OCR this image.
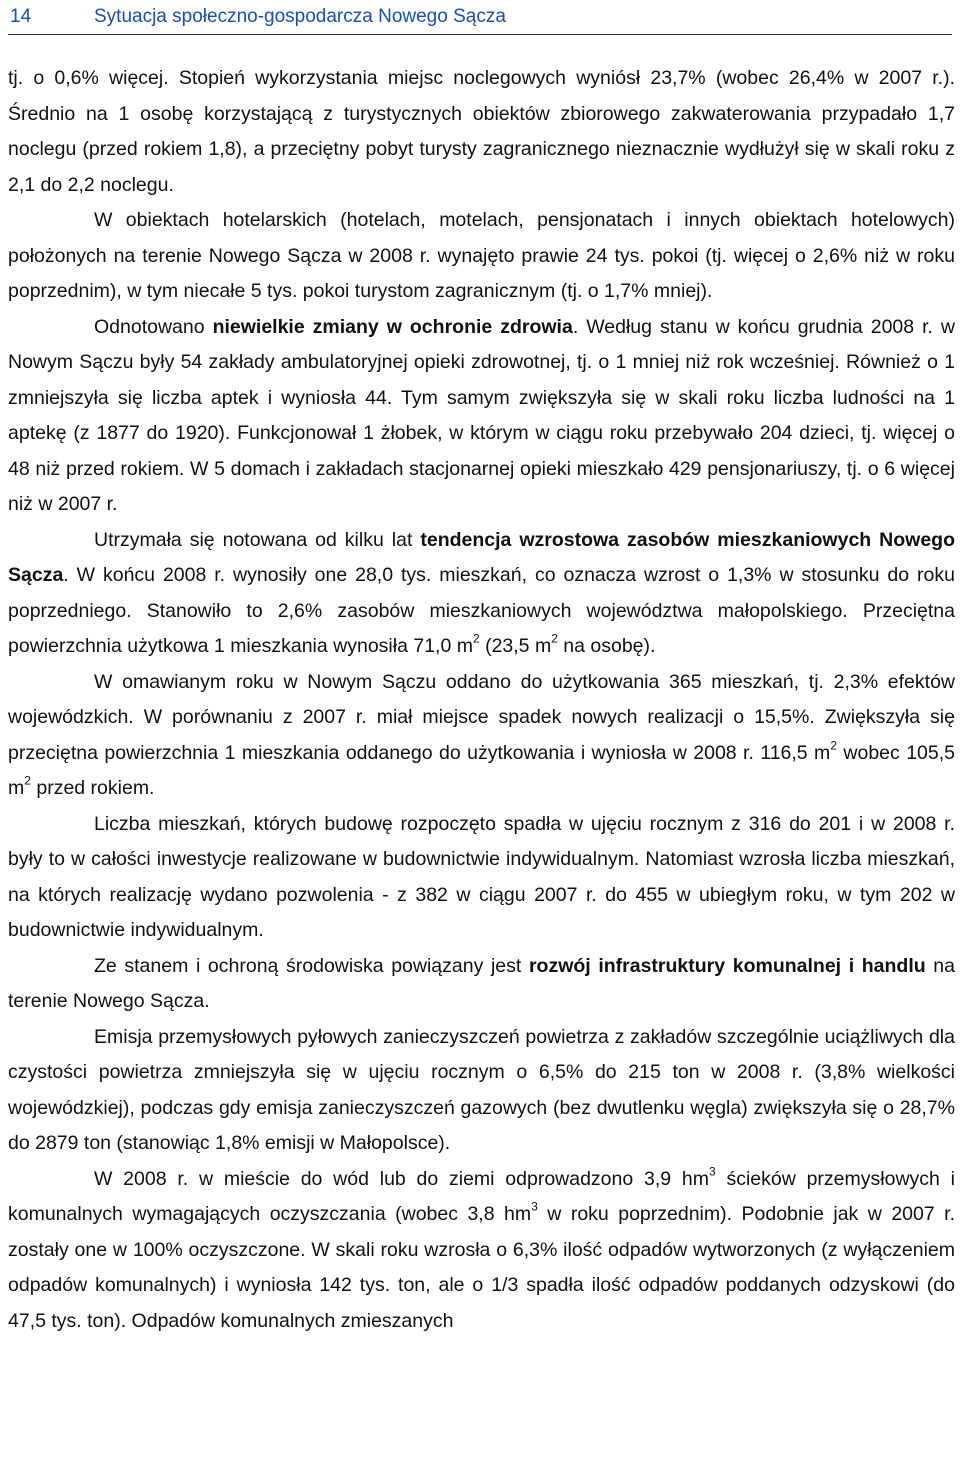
14	Sytuacja społeczno-gospodarcza Nowego Sącza

tj. o 0,6% więcej. Stopień wykorzystania miejsc noclegowych wyniósł 23,7% (wobec 26,4% w 2007 r.). Średnio na 1 osobę korzystającą z turystycznych obiektów zbiorowego zakwaterowania przypadało 1,7 noclegu (przed rokiem 1,8), a przeciętny pobyt turysty zagranicznego nieznacznie wydłużył się w skali roku z 2,1 do 2,2 noclegu.

W obiektach hotelarskich (hotelach, motelach, pensjonatach i innych obiektach hotelowych) położonych na terenie Nowego Sącza w 2008 r. wynajęto prawie 24 tys. pokoi (tj. więcej o 2,6% niż w roku poprzednim), w tym niecałe 5 tys. pokoi turystom zagranicznym (tj. o 1,7% mniej).

Odnotowano niewielkie zmiany w ochronie zdrowia. Według stanu w końcu grudnia 2008 r. w Nowym Sączu były 54 zakłady ambulatoryjnej opieki zdrowotnej, tj. o 1 mniej niż rok wcześniej. Również o 1 zmniejszyła się liczba aptek i wyniosła 44. Tym samym zwiększyła się w skali roku liczba ludności na 1 aptekę (z 1877 do 1920). Funkcjonował 1 żłobek, w którym w ciągu roku przebywało 204 dzieci, tj. więcej o 48 niż przed rokiem. W 5 domach i zakładach stacjonarnej opieki mieszkało 429 pensjonariuszy, tj. o 6 więcej niż w 2007 r.

Utrzymała się notowana od kilku lat tendencja wzrostowa zasobów mieszkaniowych Nowego Sącza. W końcu 2008 r. wynosiły one 28,0 tys. mieszkań, co oznacza wzrost o 1,3% w stosunku do roku poprzedniego. Stanowiło to 2,6% zasobów mieszkaniowych województwa małopolskiego. Przeciętna powierzchnia użytkowa 1 mieszkania wynosiła 71,0 $m^2$ (23,5 $m^2$ na osobę).

W omawianym roku w Nowym Sączu oddano do użytkowania 365 mieszkań, tj. 2,3% efektów wojewódzkich. W porównaniu z 2007 r. miał miejsce spadek nowych realizacji o 15,5%. Zwiększyła się przeciętna powierzchnia 1 mieszkania oddanego do użytkowania i wyniosła w 2008 r. 116,5 $m^2$ wobec 105,5 $m^2$ przed rokiem.

Liczba mieszkań, których budowę rozpoczęto spadła w ujęciu rocznym z 316 do 201 i w 2008 r. były to w całości inwestycje realizowane w budownictwie indywidualnym. Natomiast wzrosła liczba mieszkań, na których realizację wydano pozwolenia - z 382 w ciągu 2007 r. do 455 w ubiegłym roku, w tym 202 w budownictwie indywidualnym.

Ze stanem i ochroną środowiska powiązany jest rozwój infrastruktury komunalnej i handlu na terenie Nowego Sącza.

Emisja przemysłowych pyłowych zanieczyszczeń powietrza z zakładów szczególnie uciążliwych dla czystości powietrza zmniejszyła się w ujęciu rocznym o 6,5% do 215 ton w 2008 r. (3,8% wielkości wojewódzkiej), podczas gdy emisja zanieczyszczeń gazowych (bez dwutlenku węgla) zwiększyła się o 28,7% do 2879 ton (stanowiąc 1,8% emisji w Małopolsce).

W 2008 r. w mieście do wód lub do ziemi odprowadzono 3,9 $hm^3$ ścieków przemysłowych i komunalnych wymagających oczyszczania (wobec 3,8 $hm^3$ w roku poprzednim). Podobnie jak w 2007 r. zostały one w 100% oczyszczone. W skali roku wzrosła o 6,3% ilość odpadów wytworzonych (z wyłączeniem odpadów komunalnych) i wyniosła 142 tys. ton, ale o 1/3 spadła ilość odpadów poddanych odzyskowi (do 47,5 tys. ton). Odpadów komunalnych zmieszanych
